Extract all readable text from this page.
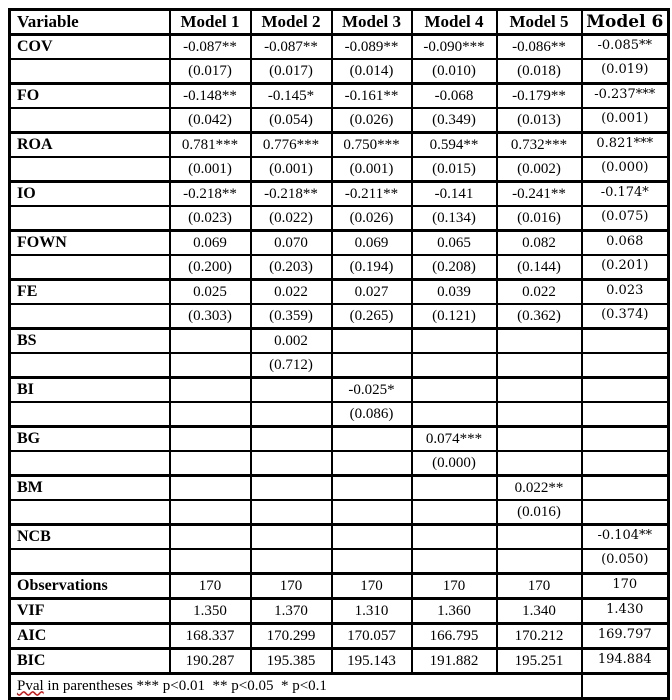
Variable	Model 1	Model 2	Model 3	Model 4	Model 5	Model 6
COV	-0.087**	-0.087**	-0.089**	-0.090***	-0.086**	-0.085**
	(0.017)	(0.017)	(0.014)	(0.010)	(0.018)	(0.019)
FO	-0.148**	-0.145*	-0.161**	-0.068	-0.179**	-0.237***
	(0.042)	(0.054)	(0.026)	(0.349)	(0.013)	(0.001)
ROA	0.781***	0.776***	0.750***	0.594**	0.732***	0.821***
	(0.001)	(0.001)	(0.001)	(0.015)	(0.002)	(0.000)
IO	-0.218**	-0.218**	-0.211**	-0.141	-0.241**	-0.174*
	(0.023)	(0.022)	(0.026)	(0.134)	(0.016)	(0.075)
FOWN	0.069	0.070	0.069	0.065	0.082	0.068
	(0.200)	(0.203)	(0.194)	(0.208)	(0.144)	(0.201)
FE	0.025	0.022	0.027	0.039	0.022	0.023
	(0.303)	(0.359)	(0.265)	(0.121)	(0.362)	(0.374)
BS		0.002				
		(0.712)				
BI			-0.025*			
			(0.086)			
BG				0.074***		
				(0.000)		
BM					0.022**	
					(0.016)	
NCB						-0.104**
						(0.050)
Observations	170	170	170	170	170	170
VIF	1.350	1.370	1.310	1.360	1.340	1.430
AIC	168.337	170.299	170.057	166.795	170.212	169.797
BIC	190.287	195.385	195.143	191.882	195.251	194.884
Pval in parentheses *** p<0.01  ** p<0.05  * p<0.1						
